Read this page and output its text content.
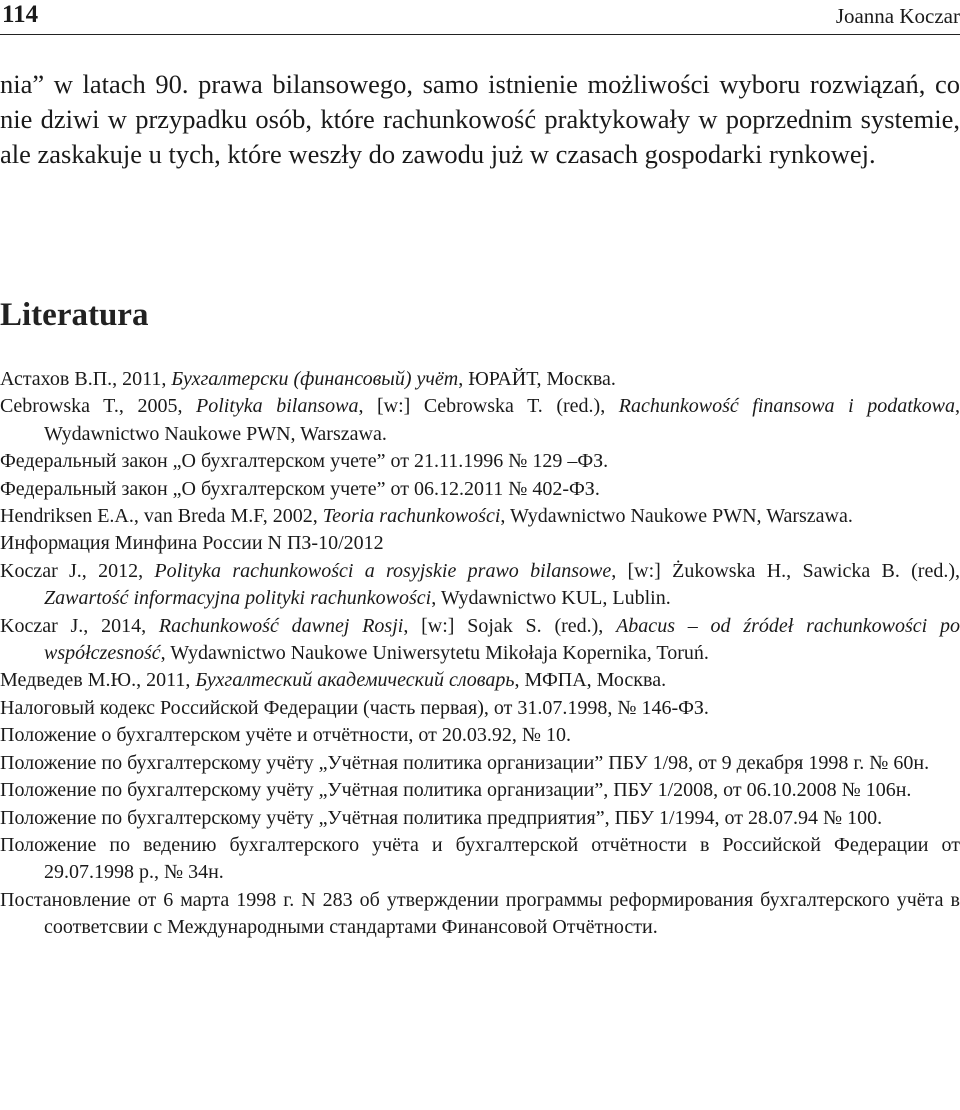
114	Joanna Koczar

nia” w latach 90. prawa bilansowego, samo istnienie możliwości wyboru rozwiązań, co nie dziwi w przypadku osób, które rachunkowość praktykowały w poprzednim systemie, ale zaskakuje u tych, które weszły do zawodu już w czasach gospodarki rynkowej.

Literatura
Астахов В.П., 2011, Бухгалтерски (финансовый) учёт, ЮРАЙТ, Москва.
Cebrowska T., 2005, Polityka bilansowa, [w:] Cebrowska T. (red.), Rachunkowość finansowa i podatkowa, Wydawnictwo Naukowe PWN, Warszawa.
Федеральный закон „О бухгалтерском учете” от 21.11.1996 № 129 –ФЗ.
Федеральный закон „О бухгалтерском учете” от 06.12.2011 № 402-ФЗ.
Hendriksen E.A., van Breda M.F, 2002, Teoria rachunkowości, Wydawnictwo Naukowe PWN, Warszawa.
Информация Минфина России N ПЗ-10/2012
Koczar J., 2012, Polityka rachunkowości a rosyjskie prawo bilansowe, [w:] Żukowska H., Sawicka B. (red.), Zawartość informacyjna polityki rachunkowości, Wydawnictwo KUL, Lublin.
Koczar J., 2014, Rachunkowość dawnej Rosji, [w:] Sojak S. (red.), Abacus – od źródeł rachunkowości po współczesność, Wydawnictwo Naukowe Uniwersytetu Mikołaja Kopernika, Toruń.
Медведев М.Ю., 2011, Бухгалтеский академический словарь, МФПА, Москва.
Налоговый кодекс Российской Федерации (часть первая), от 31.07.1998, № 146-ФЗ.
Положение о бухгалтерском учёте и отчётности, от 20.03.92, № 10.
Положение по бухгалтерскому учёту „Учётная политика организации” ПБУ 1/98, от 9 декабря 1998 г. № 60н.
Положение по бухгалтерскому учёту „Учётная политика организации”, ПБУ 1/2008, от 06.10.2008 № 106н.
Положение по бухгалтерскому учёту „Учётная политика предприятия”, ПБУ 1/1994, от 28.07.94 № 100.
Положение по ведению бухгалтерского учёта и бухгалтерской отчётности в Российской Федерации от 29.07.1998 р., № 34н.
Постановление от 6 марта 1998 г. N 283 об утверждении программы реформирования бухгалтерского учёта в соответсвии с Международными стандартами Финансовой Отчётности.
